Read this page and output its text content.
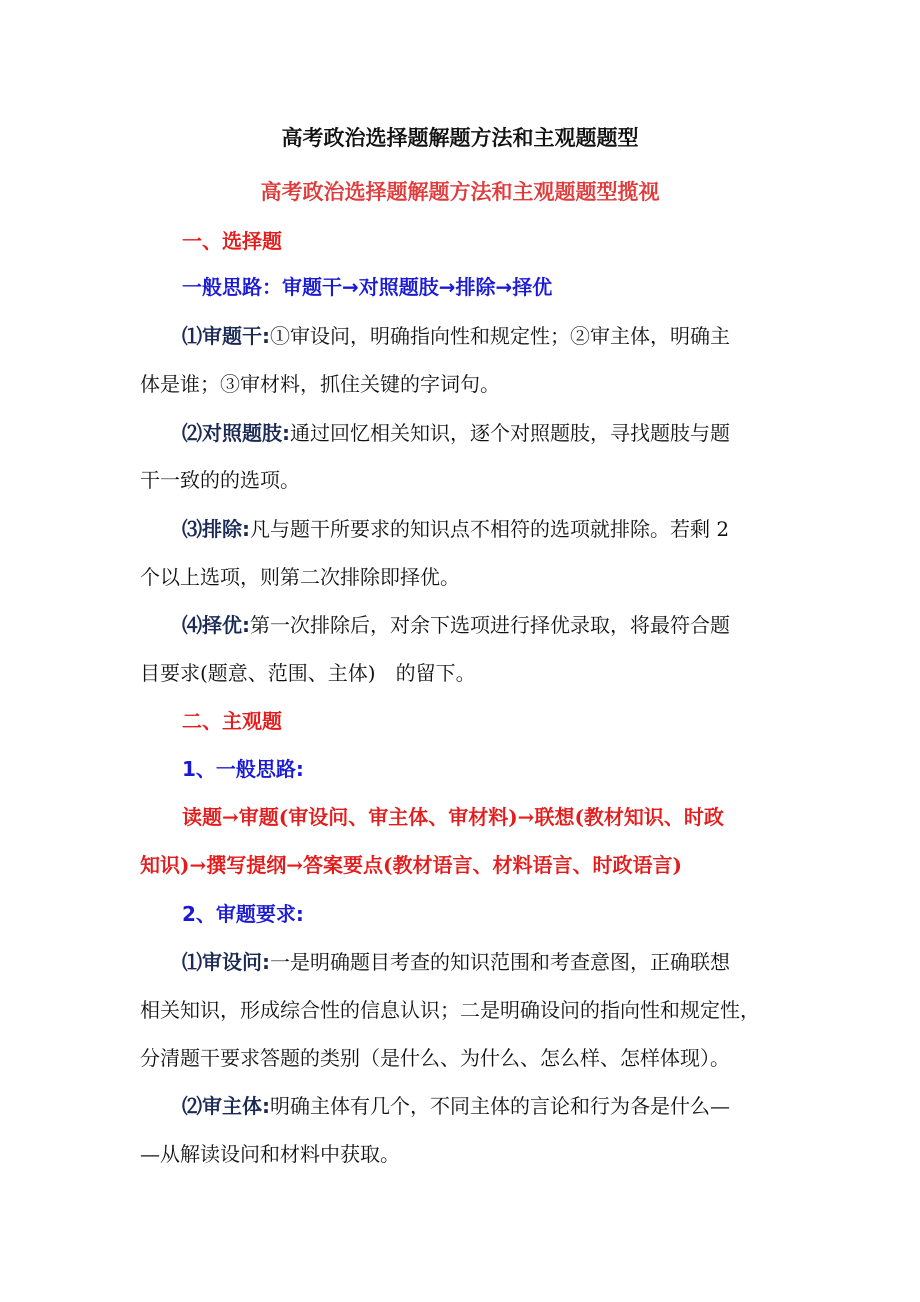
高考政治选择题解题方法和主观题题型
高考政治选择题解题方法和主观题题型揽视
一、选择题
一般思路：审题干→对照题肢→排除→择优
⑴审题干:①审设问，明确指向性和规定性；②审主体，明确主
体是谁；③审材料，抓住关键的字词句。
⑵对照题肢:通过回忆相关知识，逐个对照题肢，寻找题肢与题
干一致的的选项。
⑶排除:凡与题干所要求的知识点不相符的选项就排除。若剩 2
个以上选项，则第二次排除即择优。
⑷择优:第一次排除后，对余下选项进行择优录取，将最符合题
目要求(题意、范围、主体)　的留下。
二、主观题
1、一般思路:
读题→审题(审设问、审主体、审材料)→联想(教材知识、时政
知识)→撰写提纲→答案要点(教材语言、材料语言、时政语言)
2、审题要求:
⑴审设问:一是明确题目考查的知识范围和考查意图，正确联想
相关知识，形成综合性的信息认识；二是明确设问的指向性和规定性，
分清题干要求答题的类别（是什么、为什么、怎么样、怎样体现）。
⑵审主体:明确主体有几个，不同主体的言论和行为各是什么—
—从解读设问和材料中获取。
